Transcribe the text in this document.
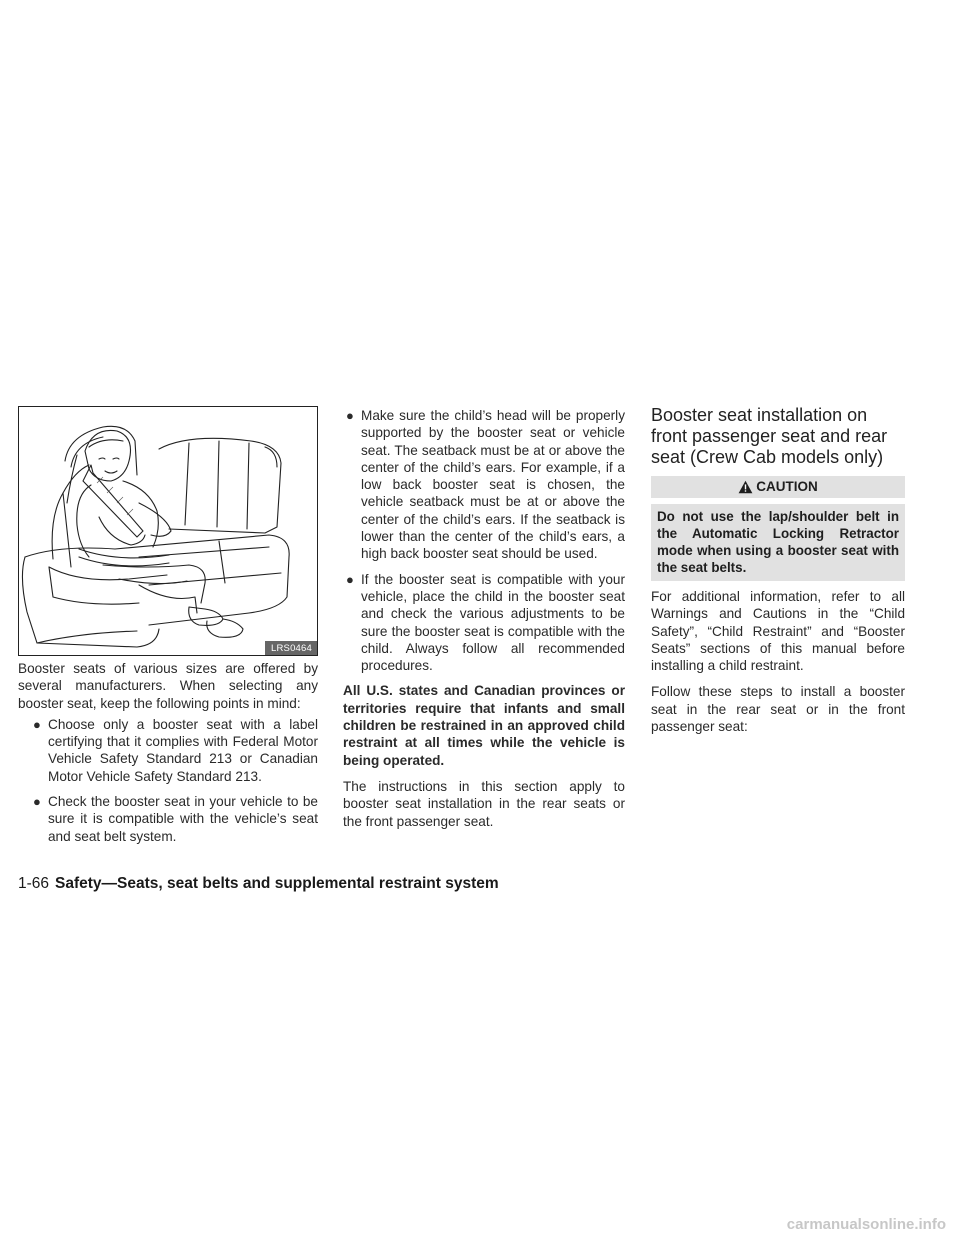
LRS0464

Booster seats of various sizes are offered by several manufacturers. When selecting any booster seat, keep the following points in mind:

● Choose only a booster seat with a label certifying that it complies with Federal Motor Vehicle Safety Standard 213 or Canadian Motor Vehicle Safety Standard 213.
● Check the booster seat in your vehicle to be sure it is compatible with the vehicle’s seat and seat belt system.
● Make sure the child’s head will be properly supported by the booster seat or vehicle seat. The seatback must be at or above the center of the child’s ears. For example, if a low back booster seat is chosen, the vehicle seatback must be at or above the center of the child’s ears. If the seatback is lower than the center of the child’s ears, a high back booster seat should be used.
● If the booster seat is compatible with your vehicle, place the child in the booster seat and check the various adjustments to be sure the booster seat is compatible with the child. Always follow all recommended procedures.

All U.S. states and Canadian provinces or territories require that infants and small children be restrained in an approved child restraint at all times while the vehicle is being operated.

The instructions in this section apply to booster seat installation in the rear seats or the front passenger seat.

Booster seat installation on front passenger seat and rear seat (Crew Cab models only)
CAUTION
Do not use the lap/shoulder belt in the Automatic Locking Retractor mode when using a booster seat with the seat belts.

For additional information, refer to all Warnings and Cautions in the “Child Safety”, “Child Restraint” and “Booster Seats” sections of this manual before installing a child restraint.

Follow these steps to install a booster seat in the rear seat or in the front passenger seat:

1-66 Safety—Seats, seat belts and supplemental restraint system
carmanualsonline.info
